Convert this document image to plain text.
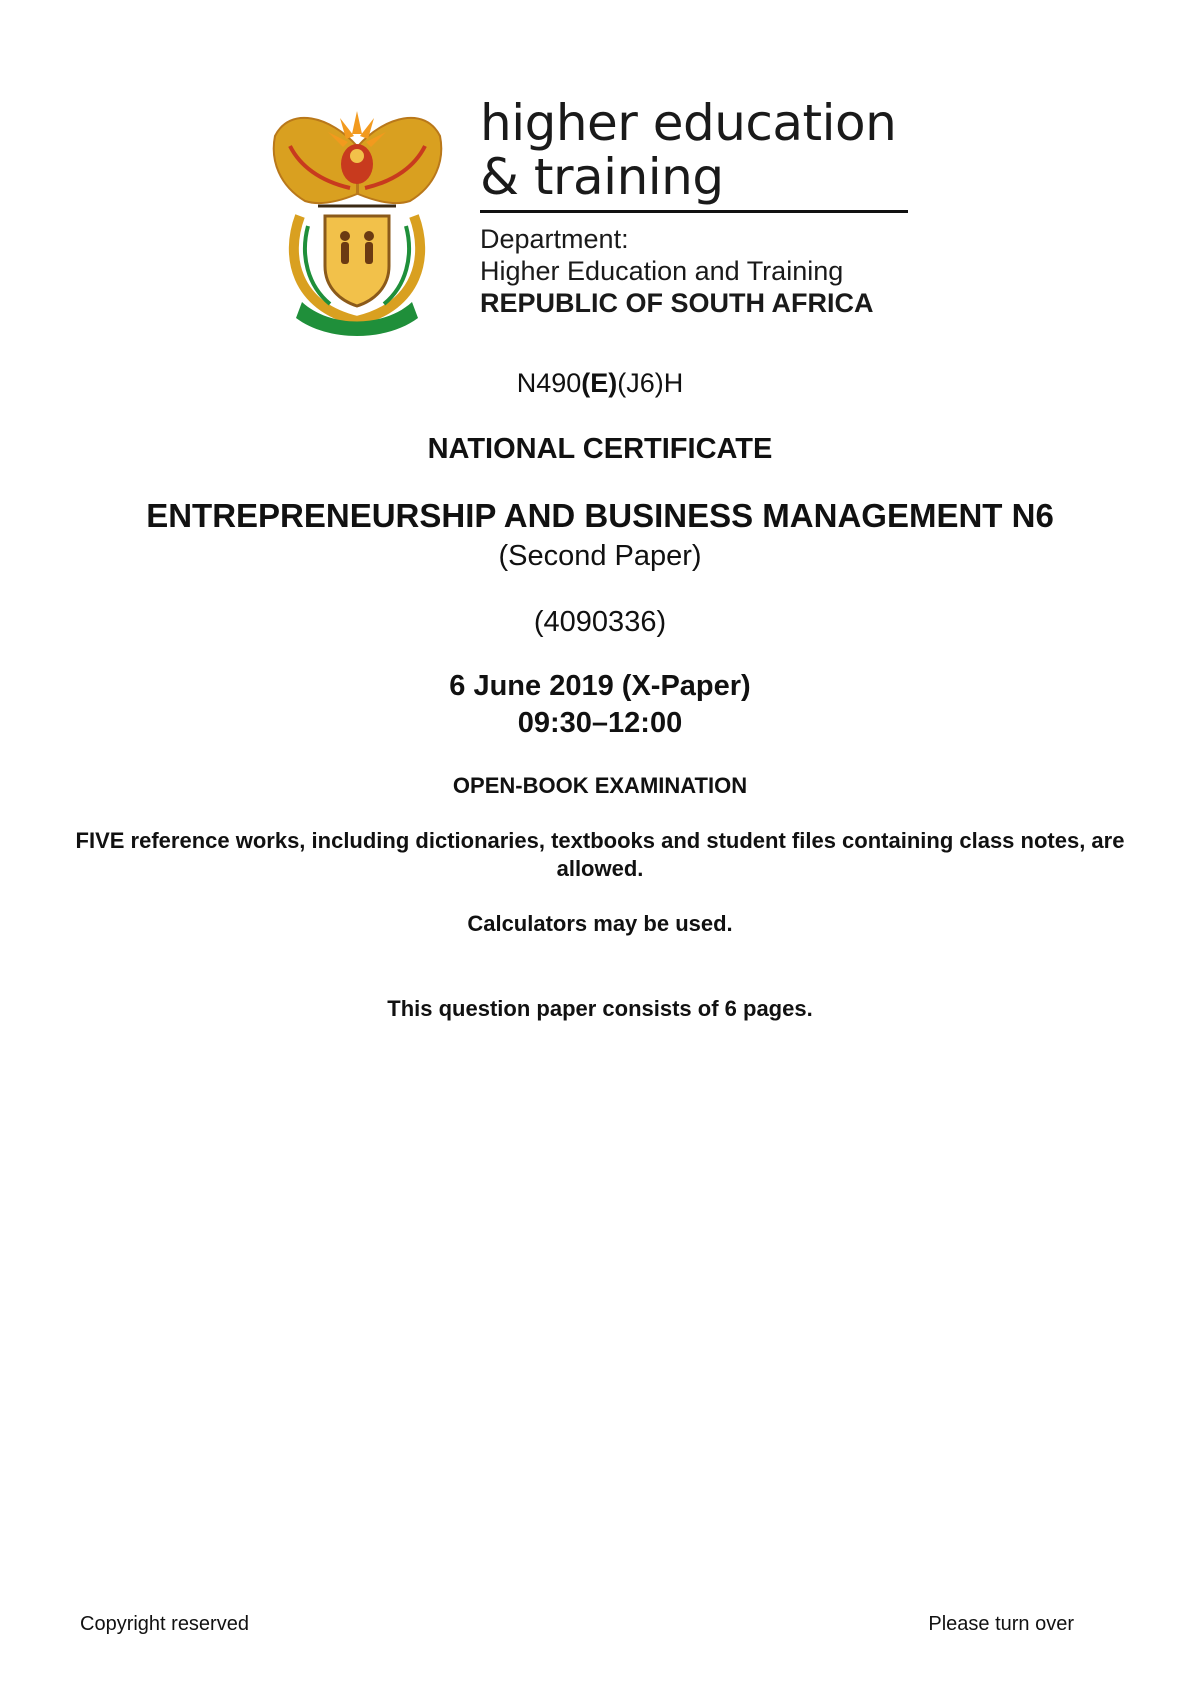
higher education
& training
Department:
Higher Education and Training
REPUBLIC OF SOUTH AFRICA
N490(E)(J6)H
NATIONAL CERTIFICATE
ENTREPRENEURSHIP AND BUSINESS MANAGEMENT N6
(Second Paper)
(4090336)
6 June 2019 (X-Paper)
09:30–12:00
OPEN-BOOK EXAMINATION
FIVE reference works, including dictionaries, textbooks and student files containing class notes, are allowed.
Calculators may be used.
This question paper consists of 6 pages.
Copyright reserved	Please turn over
